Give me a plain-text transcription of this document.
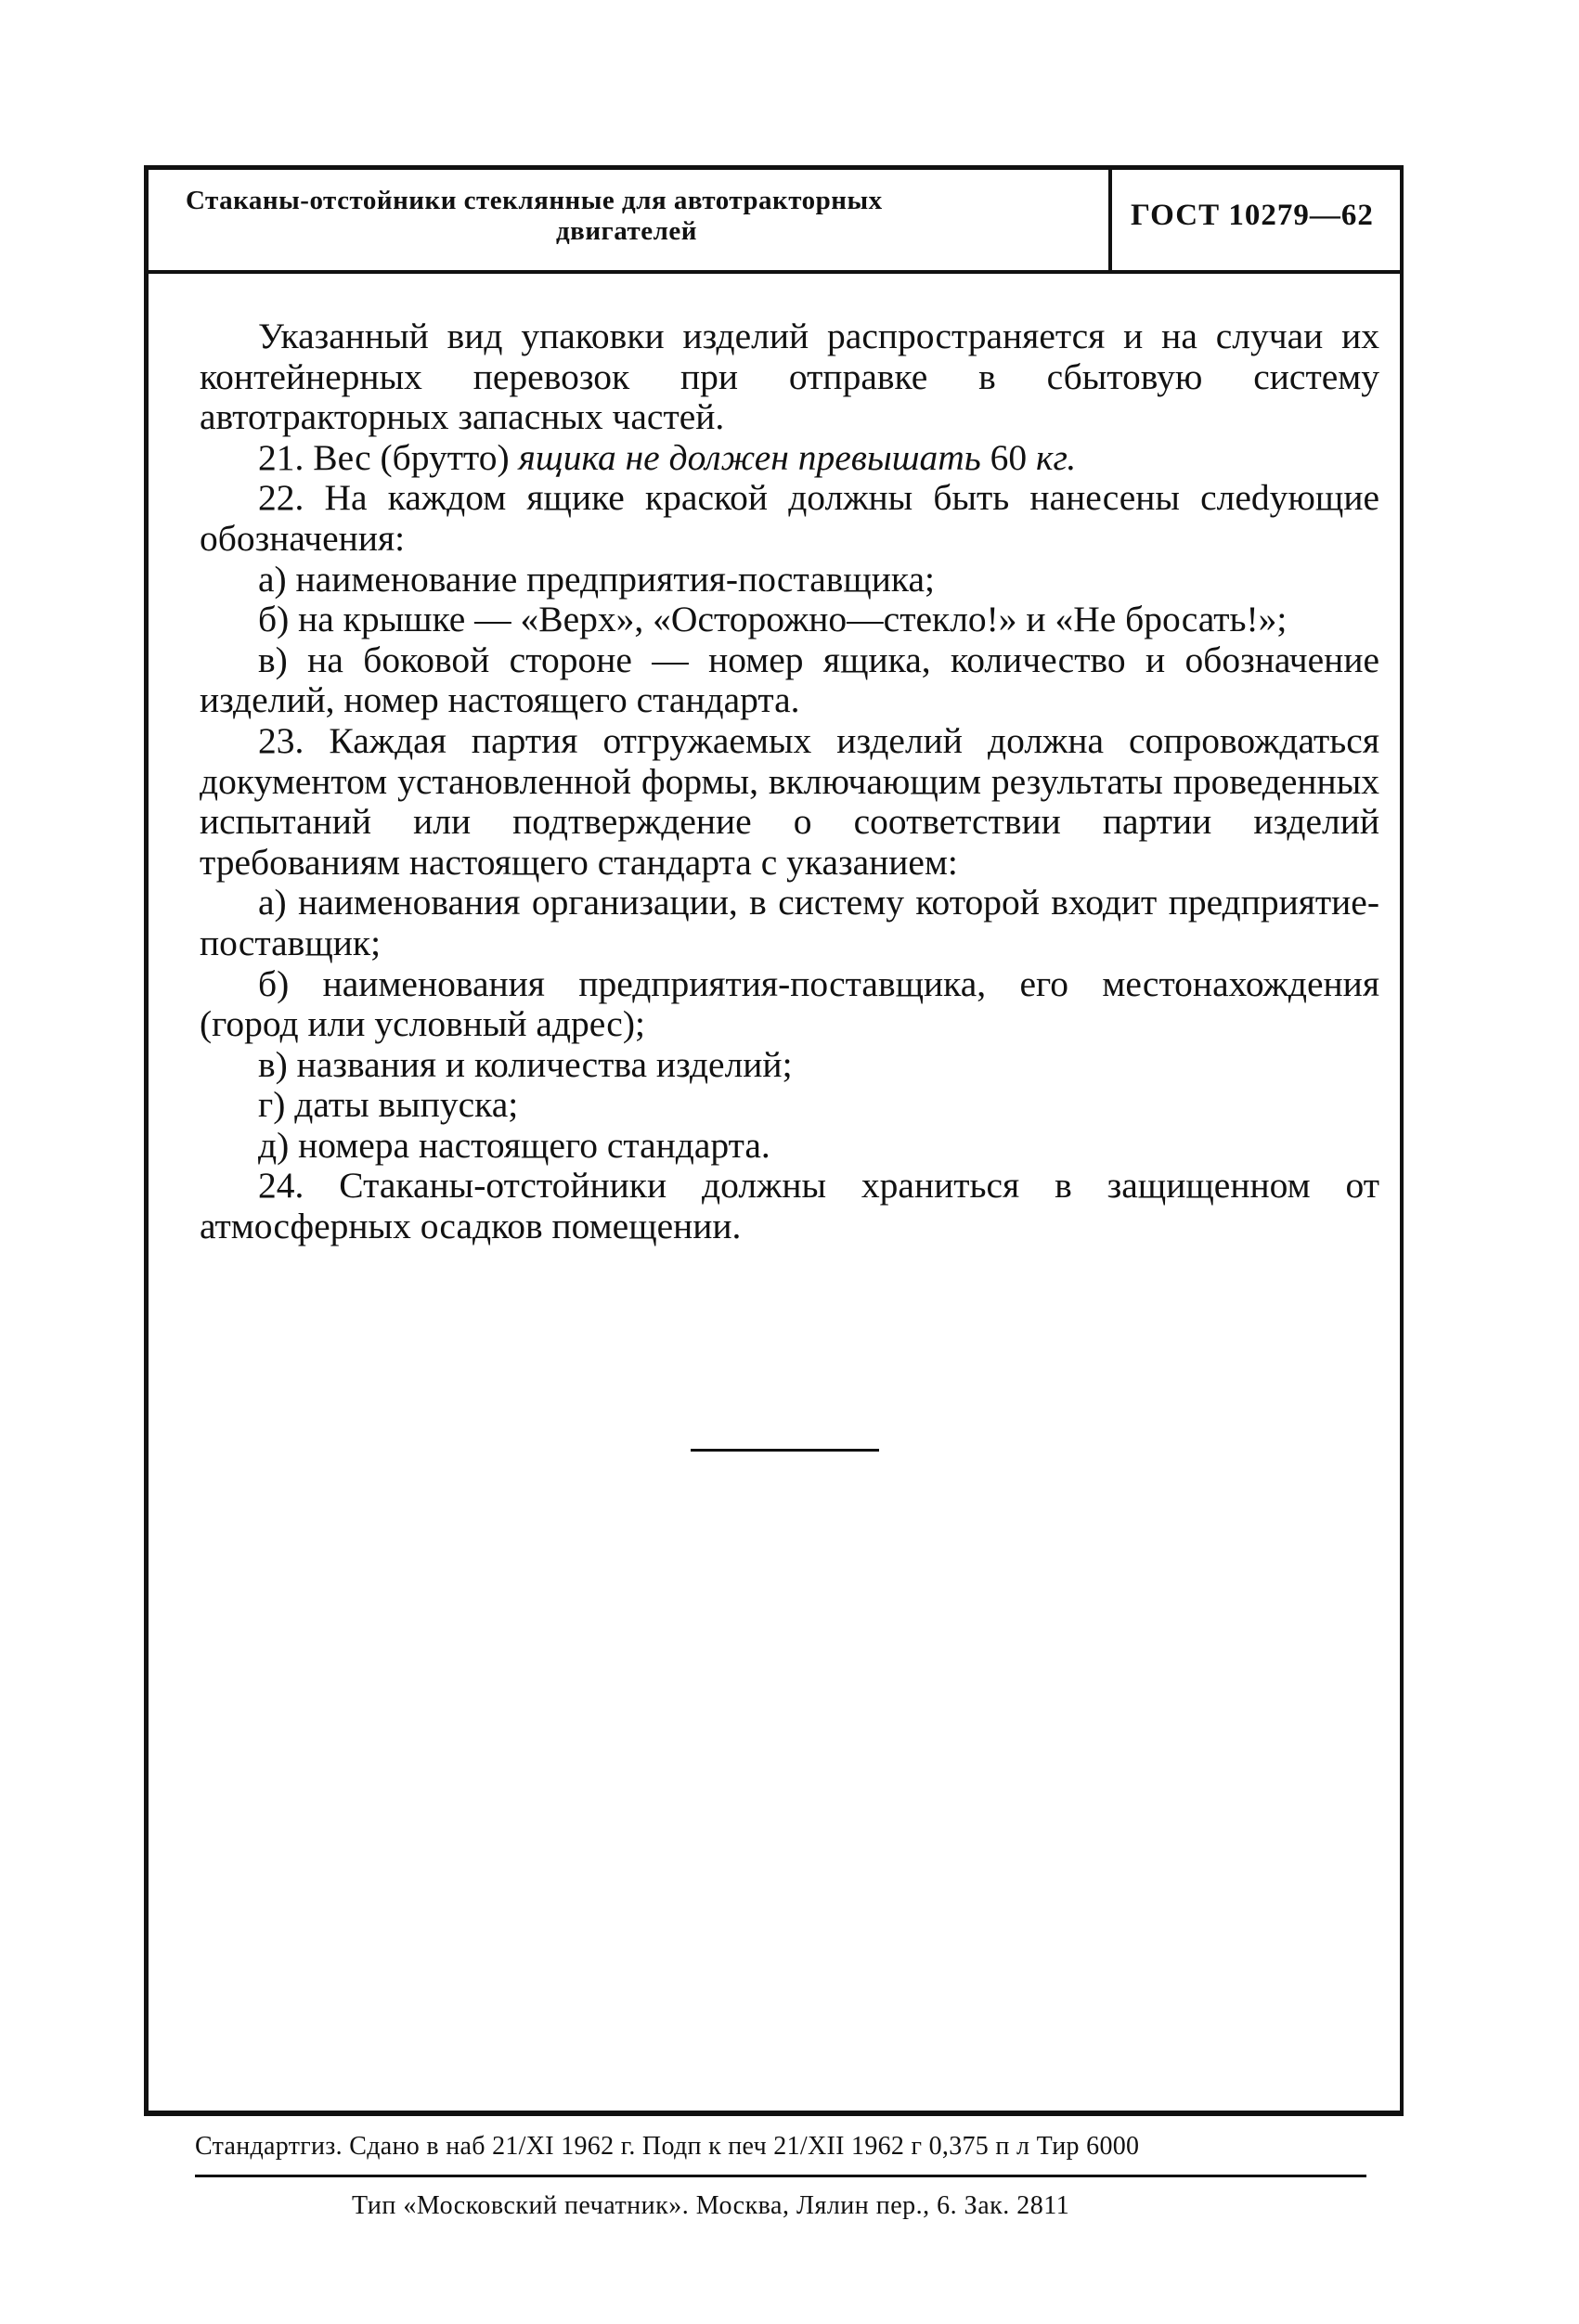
Стаканы-отстойники стеклянные для автотракторных
двигателей	ГОСТ 10279—62

Указанный вид упаковки изделий распространяется и на случаи их контейнерных перевозок при отправке в сбытовую систему автотракторных запасных частей.

21. Вес (брутто) ящика не должен превышать 60 кг.

22. На каждом ящике краской должны быть нанесены слеdующие обозначения:

а) наименование предприятия-поставщика;

б) на крышке — «Верх», «Осторожно—стекло!» и «Не бросать!»;

в) на боковой стороне — номер ящика, количество и обозначение изделий, номер настоящего стандарта.

23. Каждая партия отгружаемых изделий должна сопровождаться документом установленной формы, включающим результаты проведенных испытаний или подтверждение о соответствии партии изделий требованиям настоящего стандарта с указанием:

а) наименования организации, в систему которой входит предприятие-поставщик;

б) наименования предприятия-поставщика, его местонахождения (город или условный адрес);

в) названия и количества изделий;

г) даты выпуска;

д) номера настоящего стандарта.

24. Стаканы-отстойники должны храниться в защищенном от атмосферных осадков помещении.

Стандартгиз. Сдано в наб 21/XI 1962 г. Подп к печ 21/XII 1962 г 0,375 п л Тир 6000
Тип «Московский печатник». Москва, Лялин пер., 6. Зак. 2811
